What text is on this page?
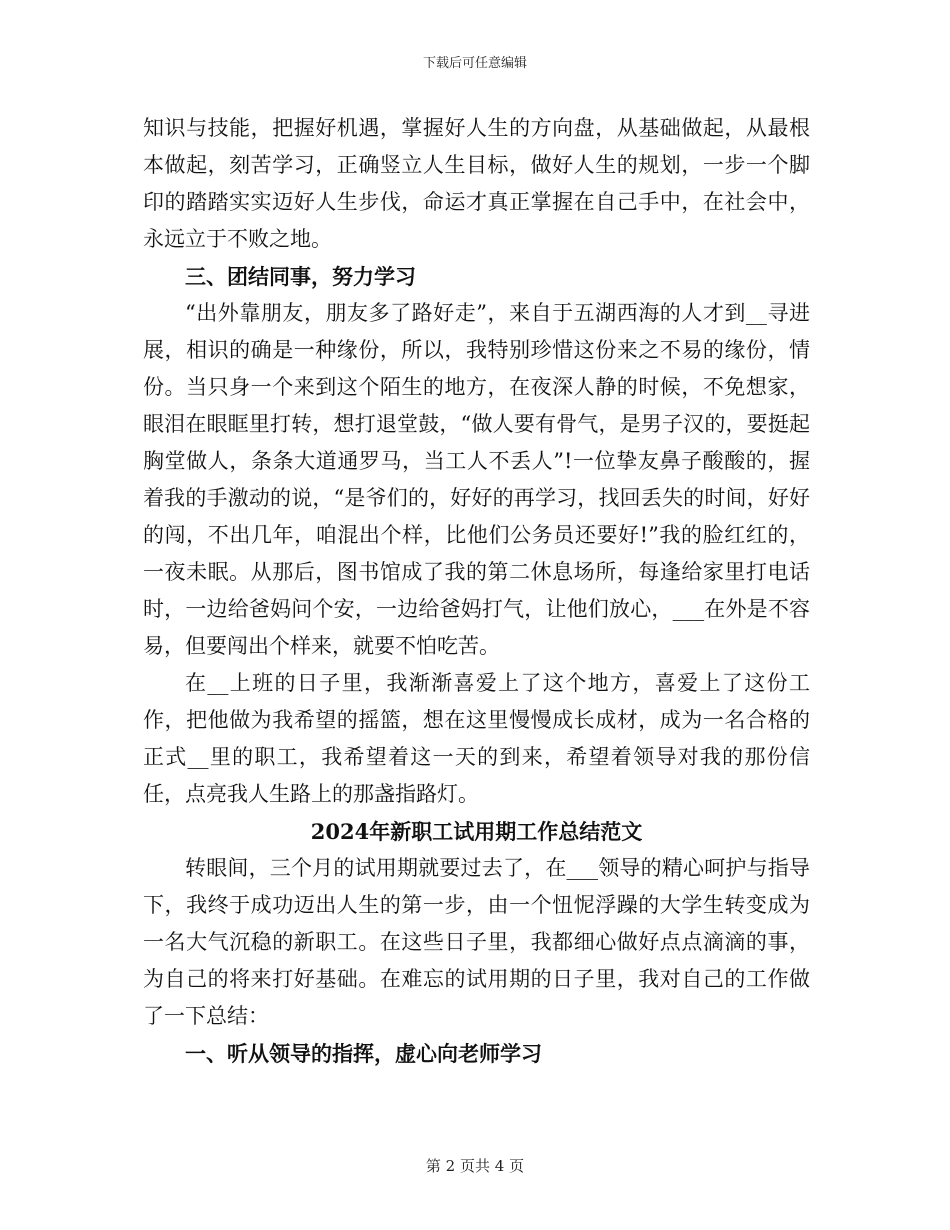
下载后可任意编辑

知识与技能，把握好机遇，掌握好人生的方向盘，从基础做起，从最根本做起，刻苦学习，正确竖立人生目标，做好人生的规划，一步一个脚印的踏踏实实迈好人生步伐，命运才真正掌握在自己手中，在社会中，永远立于不败之地。

三、团结同事，努力学习

“出外靠朋友，朋友多了路好走”，来自于五湖西海的人才到__寻进展，相识的确是一种缘份，所以，我特别珍惜这份来之不易的缘份，情份。当只身一个来到这个陌生的地方，在夜深人静的时候，不免想家，眼泪在眼眶里打转，想打退堂鼓，“做人要有骨气，是男子汉的，要挺起胸堂做人，条条大道通罗马，当工人不丢人”!一位挚友鼻子酸酸的，握着我的手激动的说，“是爷们的，好好的再学习，找回丢失的时间，好好的闯，不出几年，咱混出个样，比他们公务员还要好!”我的脸红红的，一夜未眠。从那后，图书馆成了我的第二休息场所，每逢给家里打电话时，一边给爸妈问个安，一边给爸妈打气，让他们放心，___在外是不容易，但要闯出个样来，就要不怕吃苦。

在__上班的日子里，我渐渐喜爱上了这个地方，喜爱上了这份工作，把他做为我希望的摇篮，想在这里慢慢成长成材，成为一名合格的正式__里的职工，我希望着这一天的到来，希望着领导对我的那份信任，点亮我人生路上的那盏指路灯。

2024年新职工试用期工作总结范文

转眼间，三个月的试用期就要过去了，在___领导的精心呵护与指导下，我终于成功迈出人生的第一步，由一个忸怩浮躁的大学生转变成为一名大气沉稳的新职工。在这些日子里，我都细心做好点点滴滴的事，为自己的将来打好基础。在难忘的试用期的日子里，我对自己的工作做了一下总结：

一、听从领导的指挥，虚心向老师学习

第 2 页共 4 页
